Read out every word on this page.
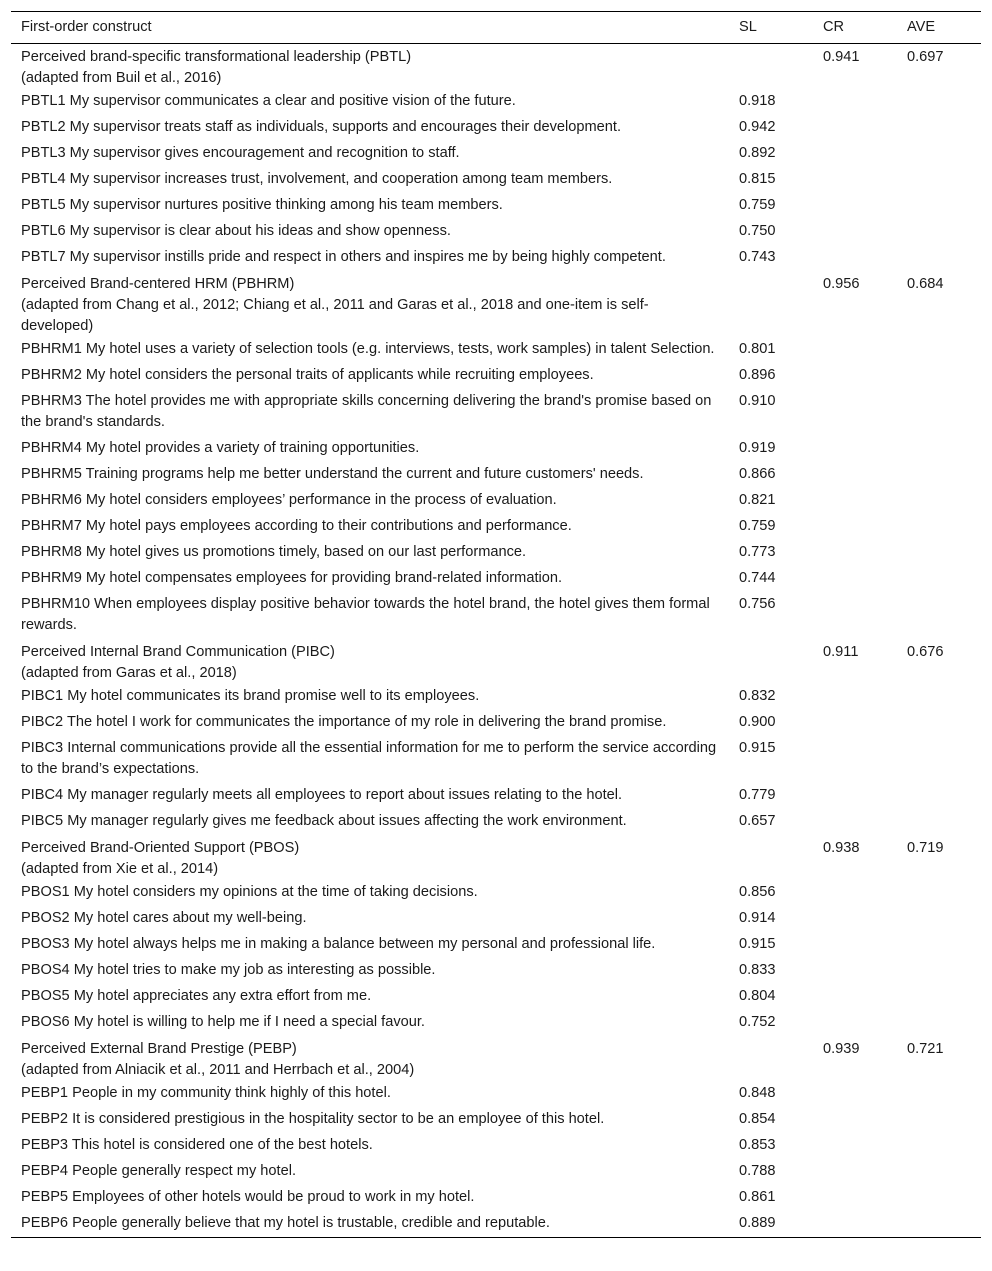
First-order construct	SL	CR	AVE

Perceived brand-specific transformational leadership (PBTL)
(adapted from Buil et al., 2016)		0.941	0.697
PBTL1 My supervisor communicates a clear and positive vision of the future.	0.918		
PBTL2 My supervisor treats staff as individuals, supports and encourages their development.	0.942		
PBTL3 My supervisor gives encouragement and recognition to staff.	0.892		
PBTL4 My supervisor increases trust, involvement, and cooperation among team members.	0.815		
PBTL5 My supervisor nurtures positive thinking among his team members.	0.759		
PBTL6 My supervisor is clear about his ideas and show openness.	0.750		
PBTL7 My supervisor instills pride and respect in others and inspires me by being highly competent.	0.743		

Perceived Brand-centered HRM (PBHRM)
(adapted from Chang et al., 2012; Chiang et al., 2011 and Garas et al., 2018 and one-item is self-developed)		0.956	0.684
PBHRM1 My hotel uses a variety of selection tools (e.g. interviews, tests, work samples) in talent Selection.	0.801		
PBHRM2 My hotel considers the personal traits of applicants while recruiting employees.	0.896		
PBHRM3 The hotel provides me with appropriate skills concerning delivering the brand's promise based on the brand's standards.	0.910		
PBHRM4 My hotel provides a variety of training opportunities.	0.919		
PBHRM5 Training programs help me better understand the current and future customers' needs.	0.866		
PBHRM6 My hotel considers employees’ performance in the process of evaluation.	0.821		
PBHRM7 My hotel pays employees according to their contributions and performance.	0.759		
PBHRM8 My hotel gives us promotions timely, based on our last performance.	0.773		
PBHRM9 My hotel compensates employees for providing brand-related information.	0.744		
PBHRM10 When employees display positive behavior towards the hotel brand, the hotel gives them formal rewards.	0.756		

Perceived Internal Brand Communication (PIBC)
(adapted from Garas et al., 2018)		0.911	0.676
PIBC1 My hotel communicates its brand promise well to its employees.	0.832		
PIBC2 The hotel I work for communicates the importance of my role in delivering the brand promise.	0.900		
PIBC3 Internal communications provide all the essential information for me to perform the service according to the brand’s expectations.	0.915		
PIBC4 My manager regularly meets all employees to report about issues relating to the hotel.	0.779		
PIBC5 My manager regularly gives me feedback about issues affecting the work environment.	0.657		

Perceived Brand-Oriented Support (PBOS)
(adapted from Xie et al., 2014)		0.938	0.719
PBOS1 My hotel considers my opinions at the time of taking decisions.	0.856		
PBOS2 My hotel cares about my well-being.	0.914		
PBOS3 My hotel always helps me in making a balance between my personal and professional life.	0.915		
PBOS4 My hotel tries to make my job as interesting as possible.	0.833		
PBOS5 My hotel appreciates any extra effort from me.	0.804		
PBOS6 My hotel is willing to help me if I need a special favour.	0.752		

Perceived External Brand Prestige (PEBP)
(adapted from Alniacik et al., 2011 and Herrbach et al., 2004)		0.939	0.721
PEBP1 People in my community think highly of this hotel.	0.848		
PEBP2 It is considered prestigious in the hospitality sector to be an employee of this hotel.	0.854		
PEBP3 This hotel is considered one of the best hotels.	0.853		
PEBP4 People generally respect my hotel.	0.788		
PEBP5 Employees of other hotels would be proud to work in my hotel.	0.861		
PEBP6 People generally believe that my hotel is trustable, credible and reputable.	0.889		
